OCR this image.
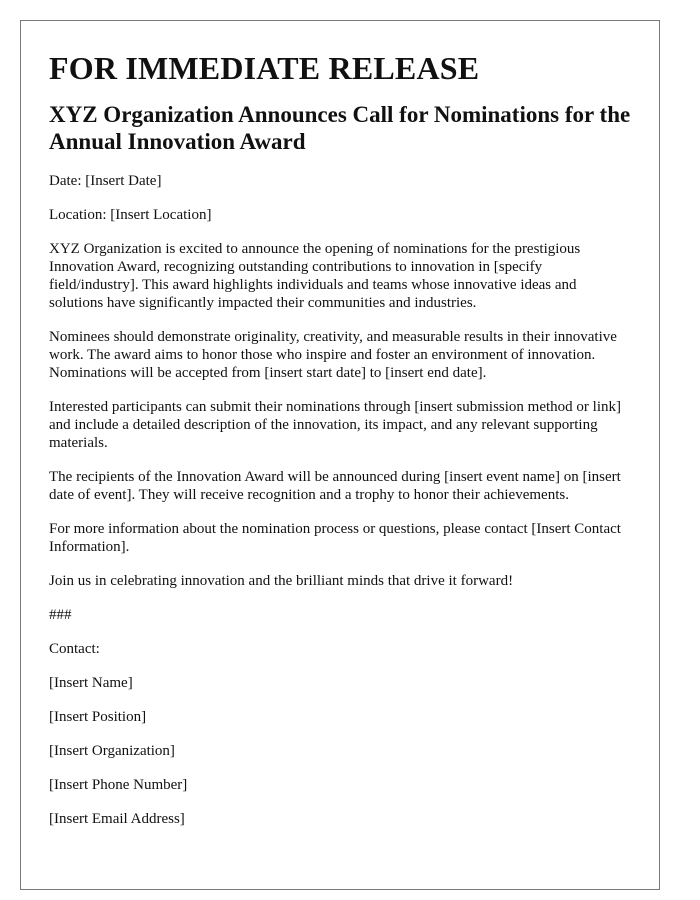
FOR IMMEDIATE RELEASE
XYZ Organization Announces Call for Nominations for the Annual Innovation Award

Date: [Insert Date]

Location: [Insert Location]

XYZ Organization is excited to announce the opening of nominations for the prestigious Innovation Award, recognizing outstanding contributions to innovation in [specify field/industry]. This award highlights individuals and teams whose innovative ideas and solutions have significantly impacted their communities and industries.

Nominees should demonstrate originality, creativity, and measurable results in their innovative work. The award aims to honor those who inspire and foster an environment of innovation. Nominations will be accepted from [insert start date] to [insert end date].

Interested participants can submit their nominations through [insert submission method or link] and include a detailed description of the innovation, its impact, and any relevant supporting materials.

The recipients of the Innovation Award will be announced during [insert event name] on [insert date of event]. They will receive recognition and a trophy to honor their achievements.

For more information about the nomination process or questions, please contact [Insert Contact Information].

Join us in celebrating innovation and the brilliant minds that drive it forward!

###

Contact:

[Insert Name]

[Insert Position]

[Insert Organization]

[Insert Phone Number]

[Insert Email Address]
